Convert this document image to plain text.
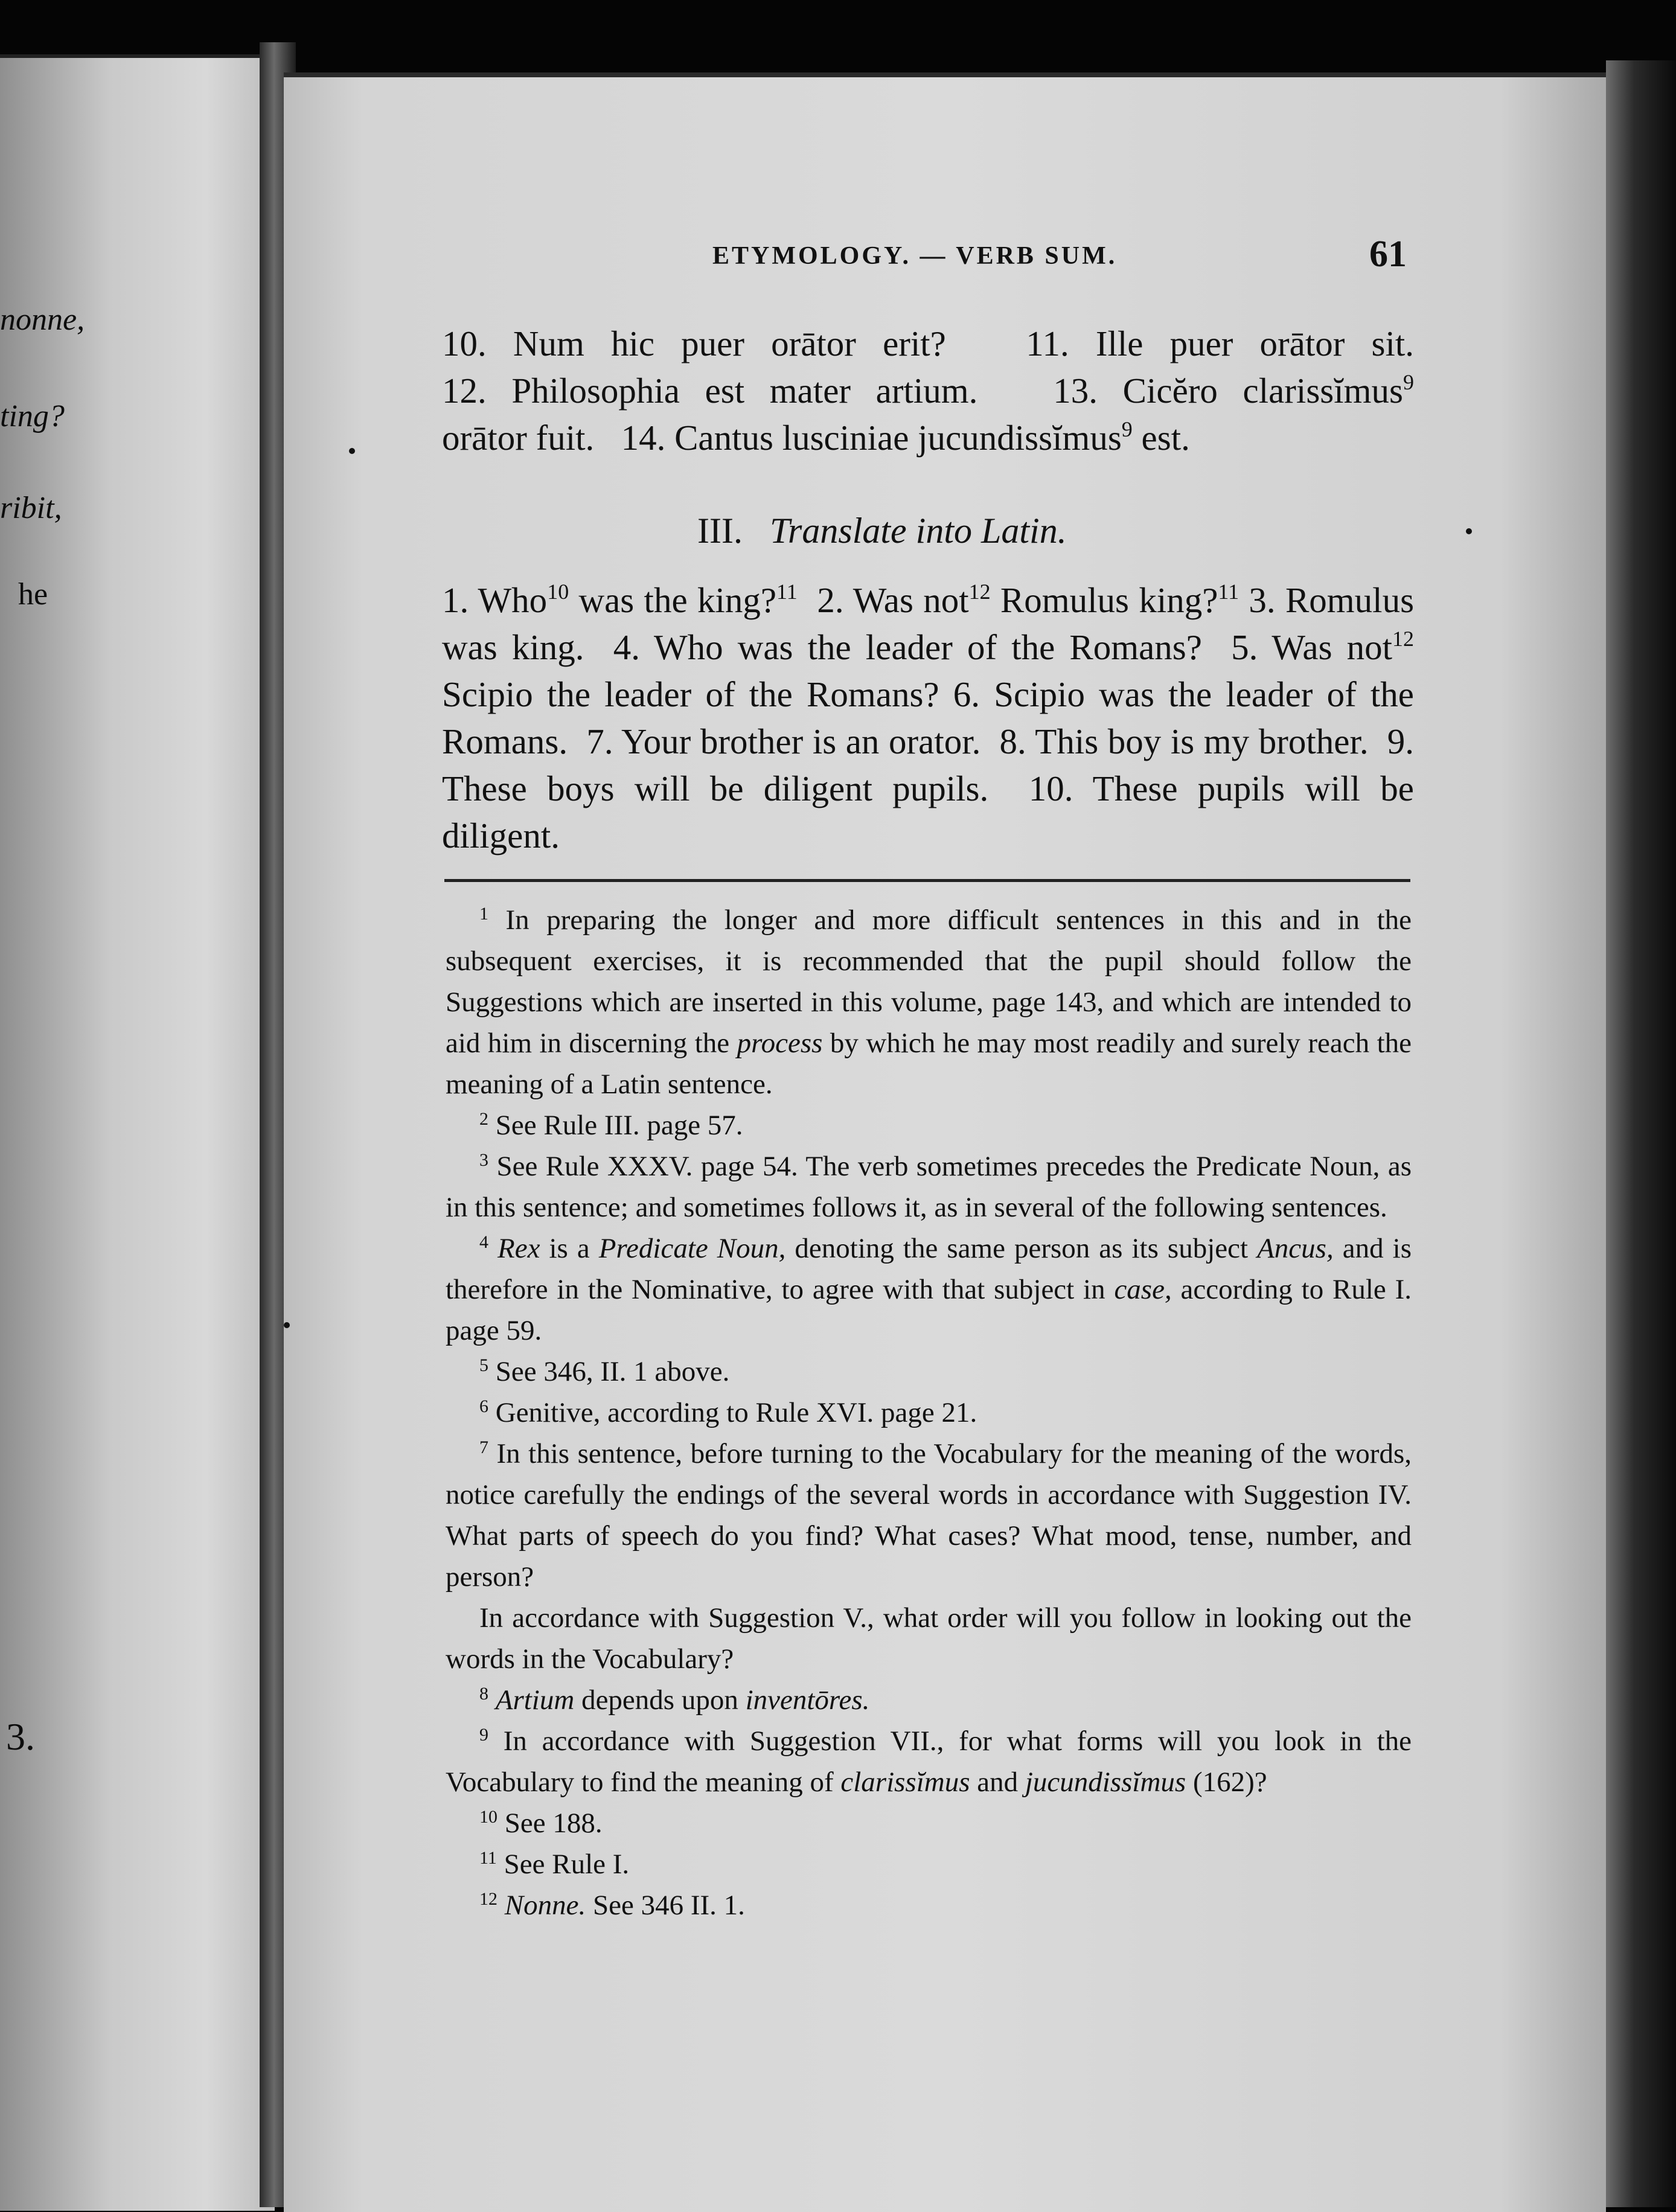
nonne,
ting?
ribit,
he
3.
ETYMOLOGY. — VERB SUM.	61

10. Num hic puer orātor erit? 11. Ille puer orātor sit.

12. Philosophia est mater artium. 13. Cicĕro clarissĭmus$^9$

orātor fuit. 14. Cantus lusciniae jucundissĭmus$^9$ est.

III. Translate into Latin.

1. Who$^{10}$ was the king?$^{11}$ 2. Was not$^{12}$ Romulus king?$^{11}$ 3. Romulus was king. 4. Who was the leader of the Romans? 5. Was not$^{12}$ Scipio the leader of the Romans? 6. Scipio was the leader of the Romans. 7. Your brother is an orator. 8. This boy is my brother. 9. These boys will be diligent pupils. 10. These pupils will be diligent.

$^1$ In preparing the longer and more difficult sentences in this and in the subsequent exercises, it is recommended that the pupil should follow the Suggestions which are inserted in this volume, page 143, and which are intended to aid him in discerning the process by which he may most readily and surely reach the meaning of a Latin sentence.

$^2$ See Rule III. page 57.

$^3$ See Rule XXXV. page 54. The verb sometimes precedes the Predicate Noun, as in this sentence; and sometimes follows it, as in several of the following sentences.

$^4$ Rex is a Predicate Noun, denoting the same person as its subject Ancus, and is therefore in the Nominative, to agree with that subject in case, according to Rule I. page 59.

$^5$ See 346, II. 1 above.

$^6$ Genitive, according to Rule XVI. page 21.

$^7$ In this sentence, before turning to the Vocabulary for the meaning of the words, notice carefully the endings of the several words in accordance with Suggestion IV. What parts of speech do you find? What cases? What mood, tense, number, and person?

In accordance with Suggestion V., what order will you follow in looking out the words in the Vocabulary?

$^8$ Artium depends upon inventōres.

$^9$ In accordance with Suggestion VII., for what forms will you look in the Vocabulary to find the meaning of clarissĭmus and jucundissĭmus (162)?

$^{10}$ See 188.

$^{11}$ See Rule I.

$^{12}$ Nonne. See 346 II. 1.
